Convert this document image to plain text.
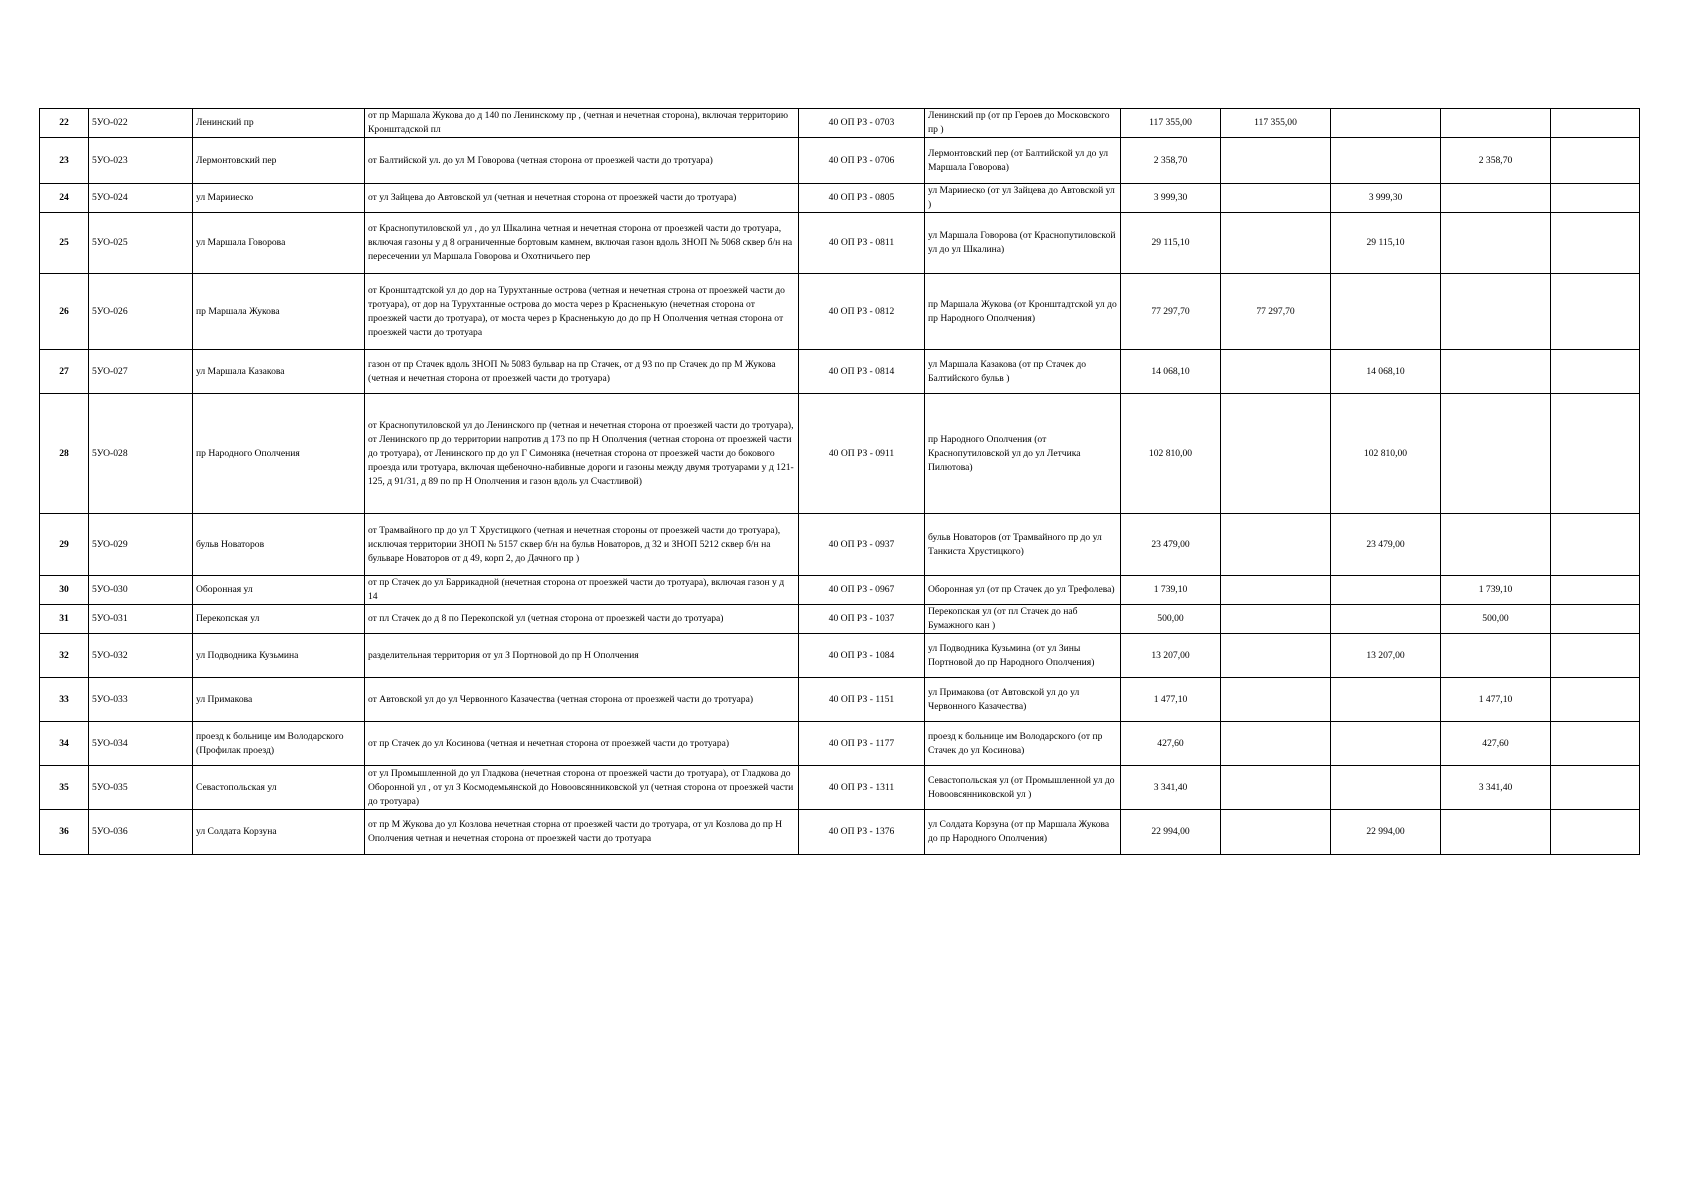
22	5УО-022	Ленинский пр	от пр Маршала Жукова до д 140 по Ленинскому пр , (четная и нечетная сторона), включая территорию Кронштадской пл	40 ОП РЗ - 0703	Ленинский пр (от пр Героев до Московского пр )	117 355,00	117 355,00			
23	5УО-023	Лермонтовский пер	от Балтийской ул. до ул М Говорова (четная сторона от проезжей части до тротуара)	40 ОП РЗ - 0706	Лермонтовский пер (от Балтийской ул до ул Маршала Говорова)	2 358,70			2 358,70	
24	5УО-024	ул Марииеско	от ул Зайцева до Автовской ул (четная и нечетная сторона от проезжей части до тротуара)	40 ОП РЗ - 0805	ул Марииеско (от ул Зайцева до Автовской ул )	3 999,30		3 999,30		
25	5УО-025	ул Маршала Говорова	от Краснопутиловской ул , до ул Шкалина четная и нечетная сторона от проезжей части до тротуара, включая газоны у д 8 ограниченные бортовым камнем, включая газон вдоль ЗНОП № 5068 сквер б/н на пересечении ул Маршала Говорова и Охотничьего пер	40 ОП РЗ - 0811	ул Маршала Говорова (от Краснопутиловской ул до ул Шкалина)	29 115,10		29 115,10		
26	5УО-026	пр Маршала Жукова	от Кронштадтской ул до дор на Турухтанные острова (четная и нечетная строна от проезжей части до тротуара), от дор на Турухтанные острова до моста через р Красненькую (нечетная сторона от проезжей части до тротуара), от моста через р Красненькую до до пр Н Ополчения четная сторона от проезжей части до тротуара	40 ОП РЗ - 0812	пр Маршала Жукова (от Кронштадтской ул до пр Народного Ополчения)	77 297,70	77 297,70			
27	5УО-027	ул Маршала Казакова	газон от пр Стачек вдоль ЗНОП № 5083 бульвар на пр Стачек, от д 93 по пр Стачек до пр М Жукова (четная и нечетная сторона от проезжей части до тротуара)	40 ОП РЗ - 0814	ул Маршала Казакова (от пр Стачек до Балтийского бульв )	14 068,10		14 068,10		
28	5УО-028	пр Народного Ополчения	от Краснопутиловской ул до Ленинского пр (четная и нечетная сторона от проезжей части до тротуара), от Ленинского пр до территории напротив д 173 по пр Н Ополчения (четная сторона от проезжей части до тротуара), от Ленинского пр до ул Г Симоняка (нечетная сторона от проезжей части до бокового проезда или тротуара, включая щебеночно-набивные дороги и газоны между двумя тротуарами у д 121-125, д 91/31, д 89 по пр Н Ополчения и газон вдоль ул Счастливой)	40 ОП РЗ - 0911	пр Народного Ополчения (от Краснопутиловской ул до ул Летчика Пилютова)	102 810,00		102 810,00		
29	5УО-029	бульв Новаторов	от Трамвайного пр до ул Т Хрустицкого (четная и нечетная стороны от проезжей части до тротуара), исключая территории ЗНОП № 5157 сквер б/н на бульв Новаторов, д 32 и ЗНОП 5212 сквер б/н на бульваре Новаторов от д 49, корп 2, до Дачного пр )	40 ОП РЗ - 0937	бульв Новаторов (от Трамвайного пр до ул Танкиста Хрустицкого)	23 479,00		23 479,00		
30	5УО-030	Оборонная ул	от пр Стачек до ул Баррикадной (нечетная сторона от проезжей части до тротуара), включая газон у д 14	40 ОП РЗ - 0967	Оборонная ул (от пр Стачек до ул Трефолева)	1 739,10			1 739,10	
31	5УО-031	Перекопская ул	от пл Стачек до д 8 по Перекопской ул (четная сторона от проезжей части до тротуара)	40 ОП РЗ - 1037	Перекопская ул (от пл Стачек до наб Бумажного кан )	500,00			500,00	
32	5УО-032	ул Подводника Кузьмина	разделительная территория от ул З Портновой до пр Н Ополчения	40 ОП РЗ - 1084	ул Подводника Кузьмина (от ул Зины Портновой до пр Народного Ополчения)	13 207,00		13 207,00		
33	5УО-033	ул Примакова	от Автовской ул до ул Червонного Казачества (четная сторона от проезжей части до тротуара)	40 ОП РЗ - 1151	ул Примакова (от Автовской ул до ул Червонного Казачества)	1 477,10			1 477,10	
34	5УО-034	проезд к больнице им Володарского (Профилак проезд)	от пр Стачек до ул Косинова (четная и нечетная сторона от проезжей части до тротуара)	40 ОП РЗ - 1177	проезд к больнице им Володарского (от пр Стачек до ул Косинова)	427,60			427,60	
35	5УО-035	Севастопольская ул	от ул Промышленной до ул Гладкова (нечетная сторона от проезжей части до тротуара), от Гладкова до Оборонной ул , от ул З Космодемьянской до Новоовсянниковской ул (четная сторона от проезжей части до тротуара)	40 ОП РЗ - 1311	Севастопольская ул (от Промышленной ул до Новоовсянниковской ул )	3 341,40			3 341,40	
36	5УО-036	ул Солдата Корзуна	от пр М Жукова до ул Козлова нечетная сторна от проезжей части до тротуара, от ул Козлова до пр Н Ополчения четная и нечетная сторона от проезжей части до тротуара	40 ОП РЗ - 1376	ул Солдата Корзуна (от пр Маршала Жукова до пр Народного Ополчения)	22 994,00		22 994,00		
